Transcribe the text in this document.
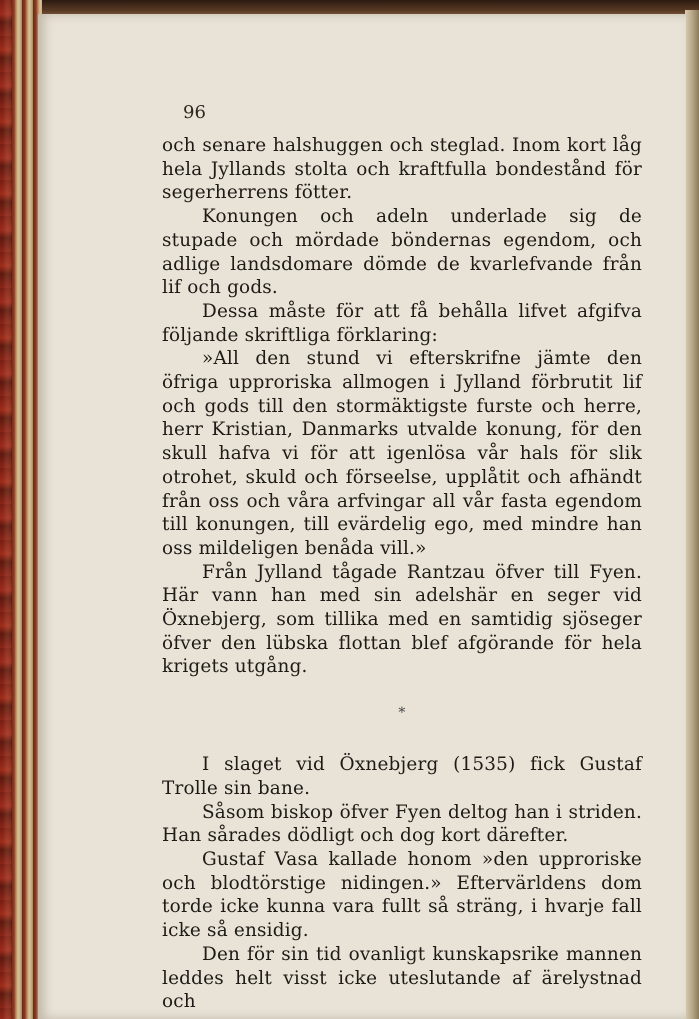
96

och senare halshuggen och steglad. Inom kort låg hela Jyllands stolta och kraftfulla bondestånd för segerherrens fötter.

Konungen och adeln underlade sig de stupade och mördade böndernas egendom, och adlige landsdomare dömde de kvarlefvande från lif och gods.

Dessa måste för att få behålla lifvet afgifva följande skriftliga förklaring:

»All den stund vi efterskrifne jämte den öfriga upproriska allmogen i Jylland förbrutit lif och gods till den stormäktigste furste och herre, herr Kristian, Danmarks utvalde konung, för den skull hafva vi för att igenlösa vår hals för slik otrohet, skuld och förseelse, upplåtit och afhändt från oss och våra arfvingar all vår fasta egendom till konungen, till evärdelig ego, med mindre han oss mildeligen benåda vill.»

Från Jylland tågade Rantzau öfver till Fyen. Här vann han med sin adelshär en seger vid Öxnebjerg, som tillika med en samtidig sjöseger öfver den lübska flottan blef afgörande för hela krigets utgång.

*

I slaget vid Öxnebjerg (1535) fick Gustaf Trolle sin bane.

Såsom biskop öfver Fyen deltog han i striden. Han sårades dödligt och dog kort därefter.

Gustaf Vasa kallade honom »den upproriske och blodtörstige nidingen.» Eftervärldens dom torde icke kunna vara fullt så sträng, i hvarje fall icke så ensidig.

Den för sin tid ovanligt kunskapsrike mannen leddes helt visst icke uteslutande af ärelystnad och
